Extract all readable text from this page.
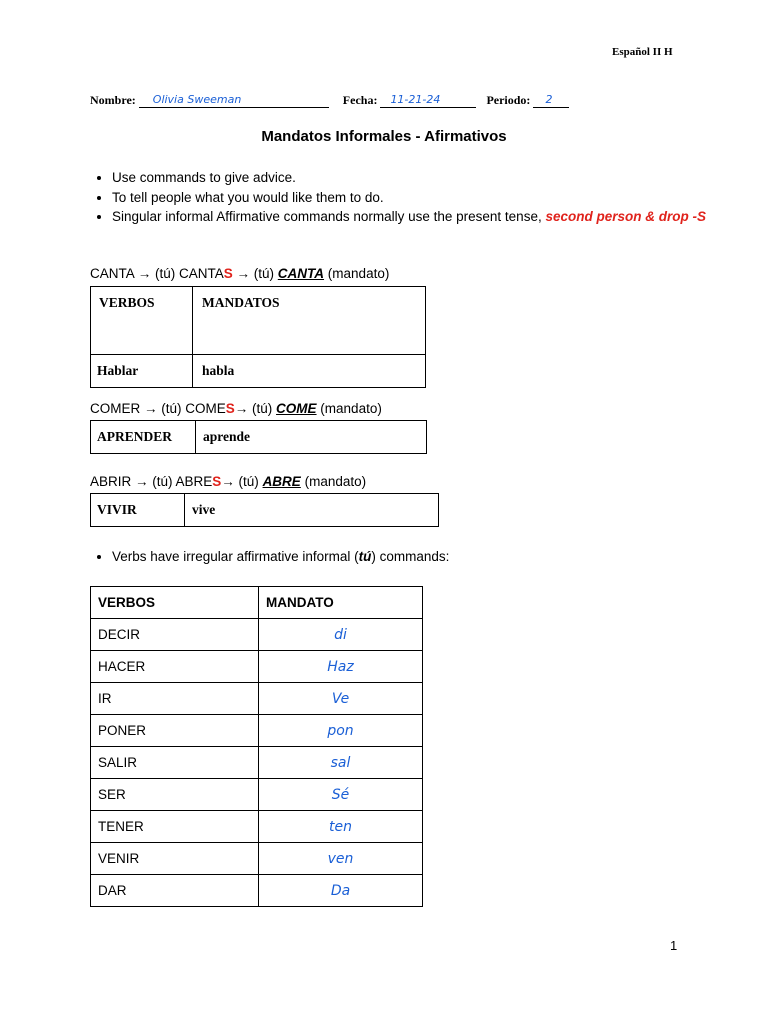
Español II H
Nombre: Olivia Sweeman	Fecha: 11-21-24	Periodo: 2
Mandatos Informales - Afirmativos
• Use commands to give advice.
• To tell people what you would like them to do.
• Singular informal Affirmative commands normally use the present tense, second person & drop -S
CANTA → (tú) CANTAS → (tú) CANTA (mandato)
VERBOS	MANDATOS
Hablar	habla
COMER → (tú) COMES→ (tú) COME (mandato)
APRENDER	aprende
ABRIR → (tú) ABRES→ (tú) ABRE (mandato)
VIVIR	vive
• Verbs have irregular affirmative informal (tú) commands:
VERBOS	MANDATO
DECIR	di
HACER	Haz
IR	Ve
PONER	pon
SALIR	sal
SER	Sé
TENER	ten
VENIR	ven
DAR	Da
1
